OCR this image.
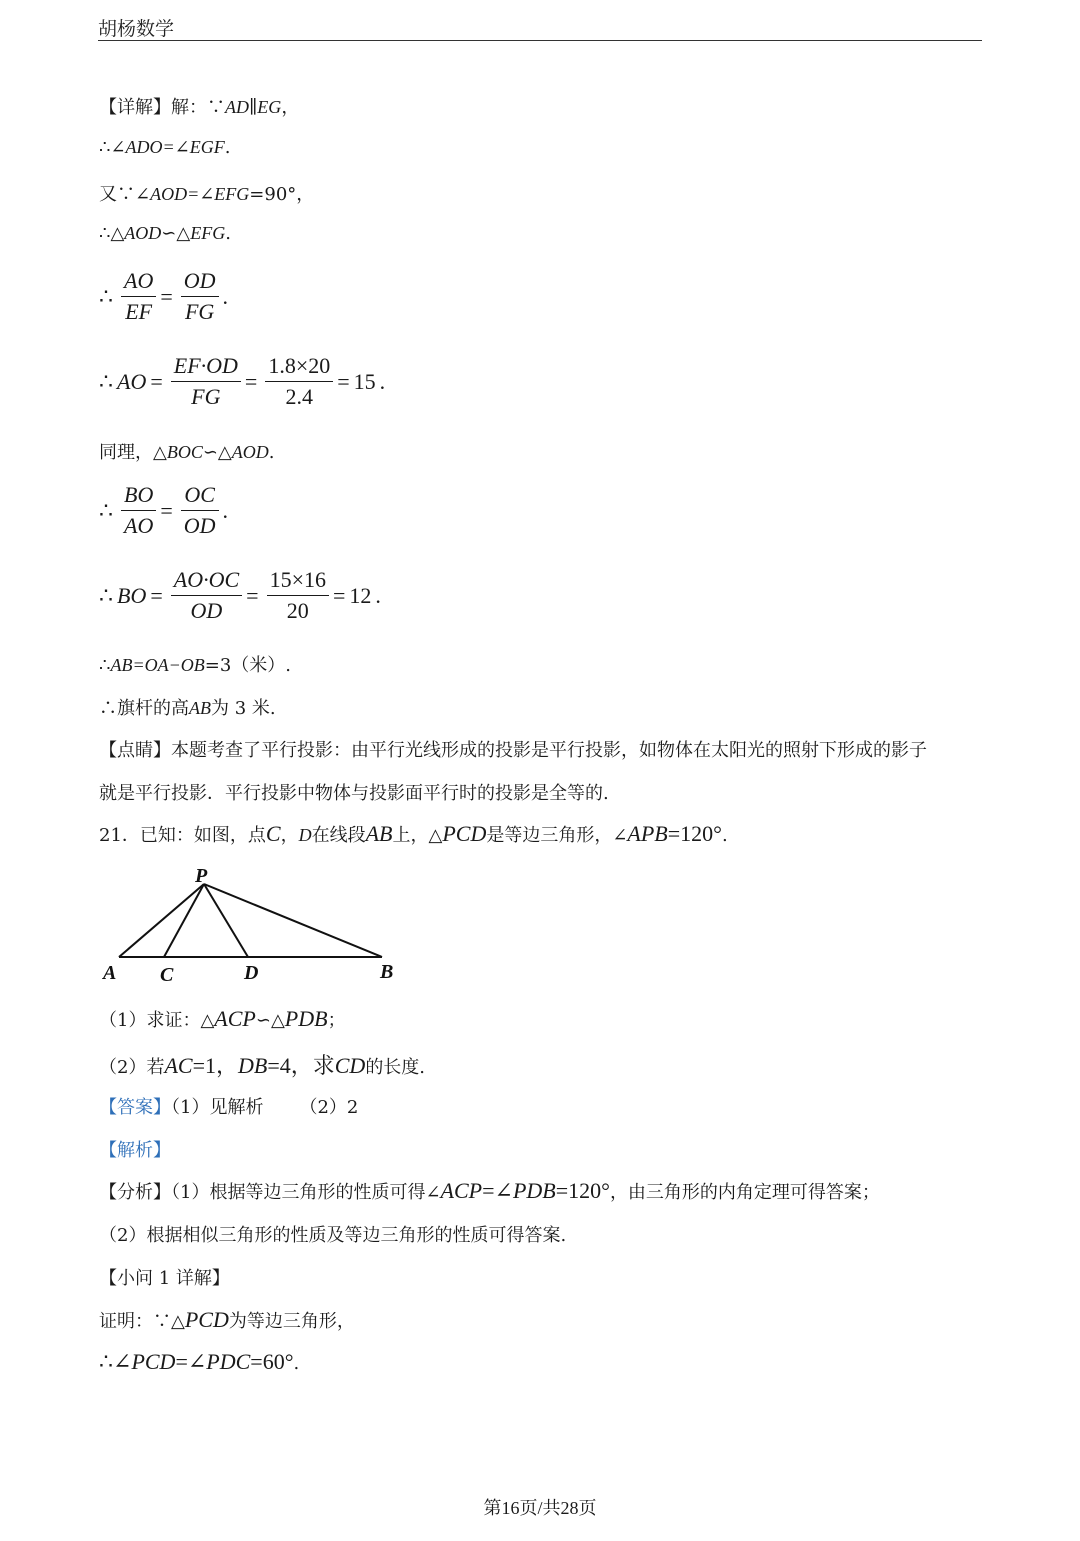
胡杨数学
【详解】解：∵AD∥EG，
∴∠ADO=∠EGF.
又∵∠AOD=∠EFG=90°，
∴△AOD∽△EFG.
∴ $\frac{AO}{EF} = \frac{OD}{FG}$ .
∴ AO = $\frac{EF\cdot OD}{FG} = \frac{1.8\times 20}{2.4} = 15$ .
同理，△BOC∽△AOD.
∴ $\frac{BO}{AO} = \frac{OC}{OD}$ .
∴ BO = $\frac{AO\cdot OC}{OD} = \frac{15\times 16}{20} = 12$ .
∴AB=OA−OB=3（米）.
∴旗杆的高AB为 3 米.
【点睛】本题考查了平行投影：由平行光线形成的投影是平行投影，如物体在太阳光的照射下形成的影子
就是平行投影．平行投影中物体与投影面平行时的投影是全等的.
21．已知：如图，点C，D在线段AB上，△PCD是等边三角形，∠APB=120°.
P
A C	D	B
（1）求证：△ACP∽△PDB；
（2）若AC=1，DB=4，求CD的长度.
【答案】（1）见解析 （2）2
【解析】
【分析】（1）根据等边三角形的性质可得∠ACP=∠PDB=120°，由三角形的内角定理可得答案；
（2）根据相似三角形的性质及等边三角形的性质可得答案.
【小问 1 详解】
证明：∵△PCD为等边三角形，
∴∠PCD=∠PDC=60°.
第16页/共28页
